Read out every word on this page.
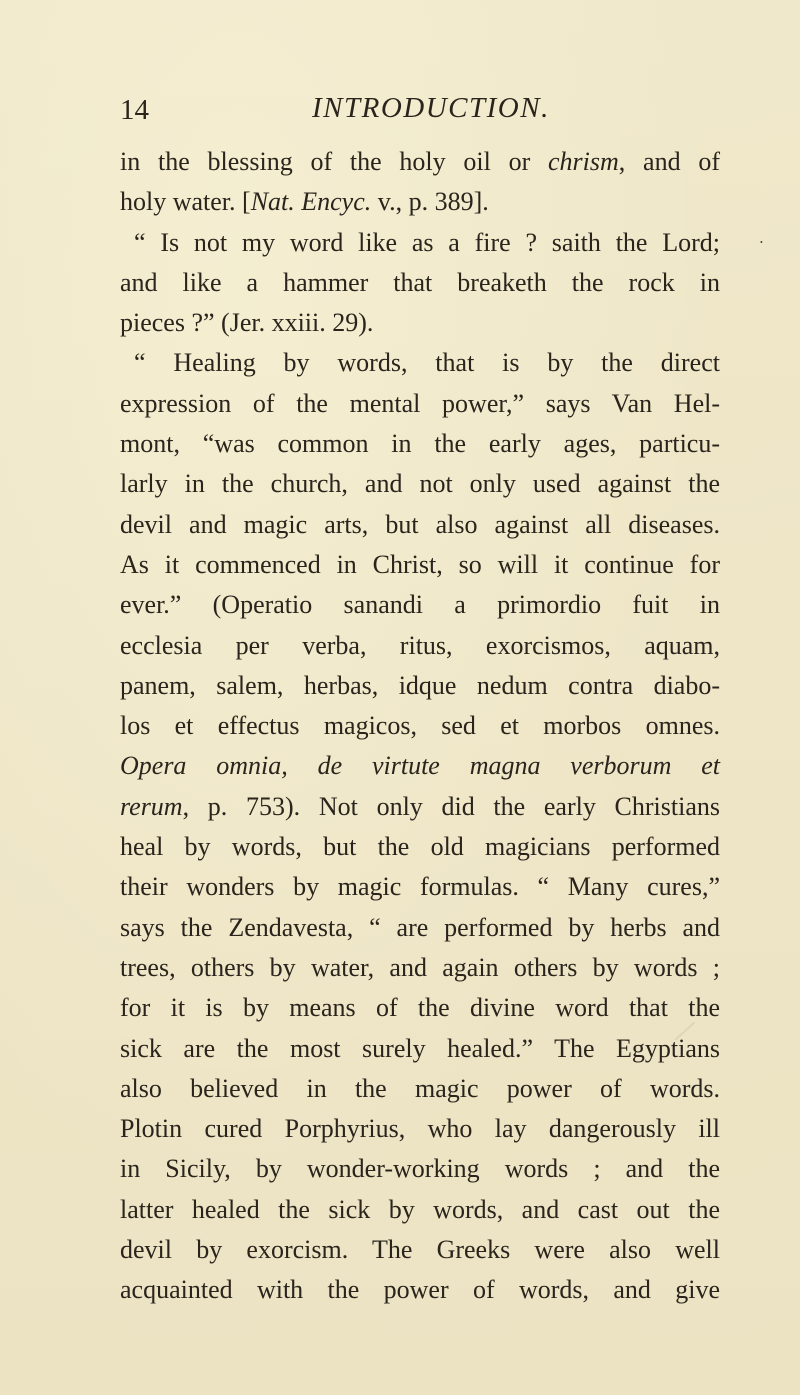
14	INTRODUCTION.
in the blessing of the holy oil or chrism, and of
holy water. [Nat. Encyc. v., p. 389].
“ Is not my word like as a fire ? saith the Lord;
and like a hammer that breaketh the rock in
pieces ?” (Jer. xxiii. 29).
“ Healing by words, that is by the direct
expression of the mental power,” says Van Hel-
mont, “was common in the early ages, particu-
larly in the church, and not only used against the
devil and magic arts, but also against all diseases.
As it commenced in Christ, so will it continue for
ever.” (Operatio sanandi a primordio fuit in
ecclesia per verba, ritus, exorcismos, aquam,
panem, salem, herbas, idque nedum contra diabo-
los et effectus magicos, sed et morbos omnes.
Opera omnia, de virtute magna verborum et
rerum, p. 753). Not only did the early Christians
heal by words, but the old magicians performed
their wonders by magic formulas. “ Many cures,”
says the Zendavesta, “ are performed by herbs and
trees, others by water, and again others by words ;
for it is by means of the divine word that the
sick are the most surely healed.” The Egyptians
also believed in the magic power of words.
Plotin cured Porphyrius, who lay dangerously ill
in Sicily, by wonder-working words ; and the
latter healed the sick by words, and cast out the
devil by exorcism. The Greeks were also well
acquainted with the power of words, and give
•
